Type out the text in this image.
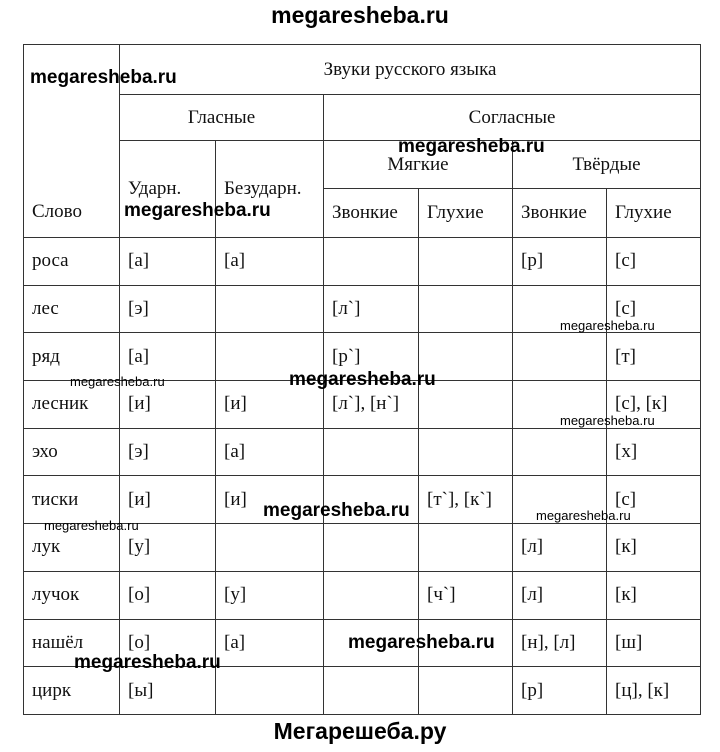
megaresheba.ru
Слово	Звуки русского языка					
	Гласные		Согласные			
	Ударн.	Безударн.	Мягкие		Твёрдые	
			Звонкие	Глухие	Звонкие	Глухие
роса	[а]	[а]			[р]	[с]
лес	[э]		[л`]			[с]
ряд	[а]		[р`]			[т]
лесник	[и]	[и]	[л`], [н`]			[с], [к]
эхо	[э]	[а]				[х]
тиски	[и]	[и]		[т`], [к`]		[с]
лук	[у]				[л]	[к]
лучок	[о]	[у]		[ч`]	[л]	[к]
нашёл	[о]	[а]			[н], [л]	[ш]
цирк	[ы]				[р]	[ц], [к]
Мегарешеба.ру
megaresheba.ru
megaresheba.ru
megaresheba.ru
megaresheba.ru
megaresheba.ru	megaresheba.ru
megaresheba.ru
megaresheba.ru	megaresheba.ru
megaresheba.ru
megaresheba.ru
megaresheba.ru
